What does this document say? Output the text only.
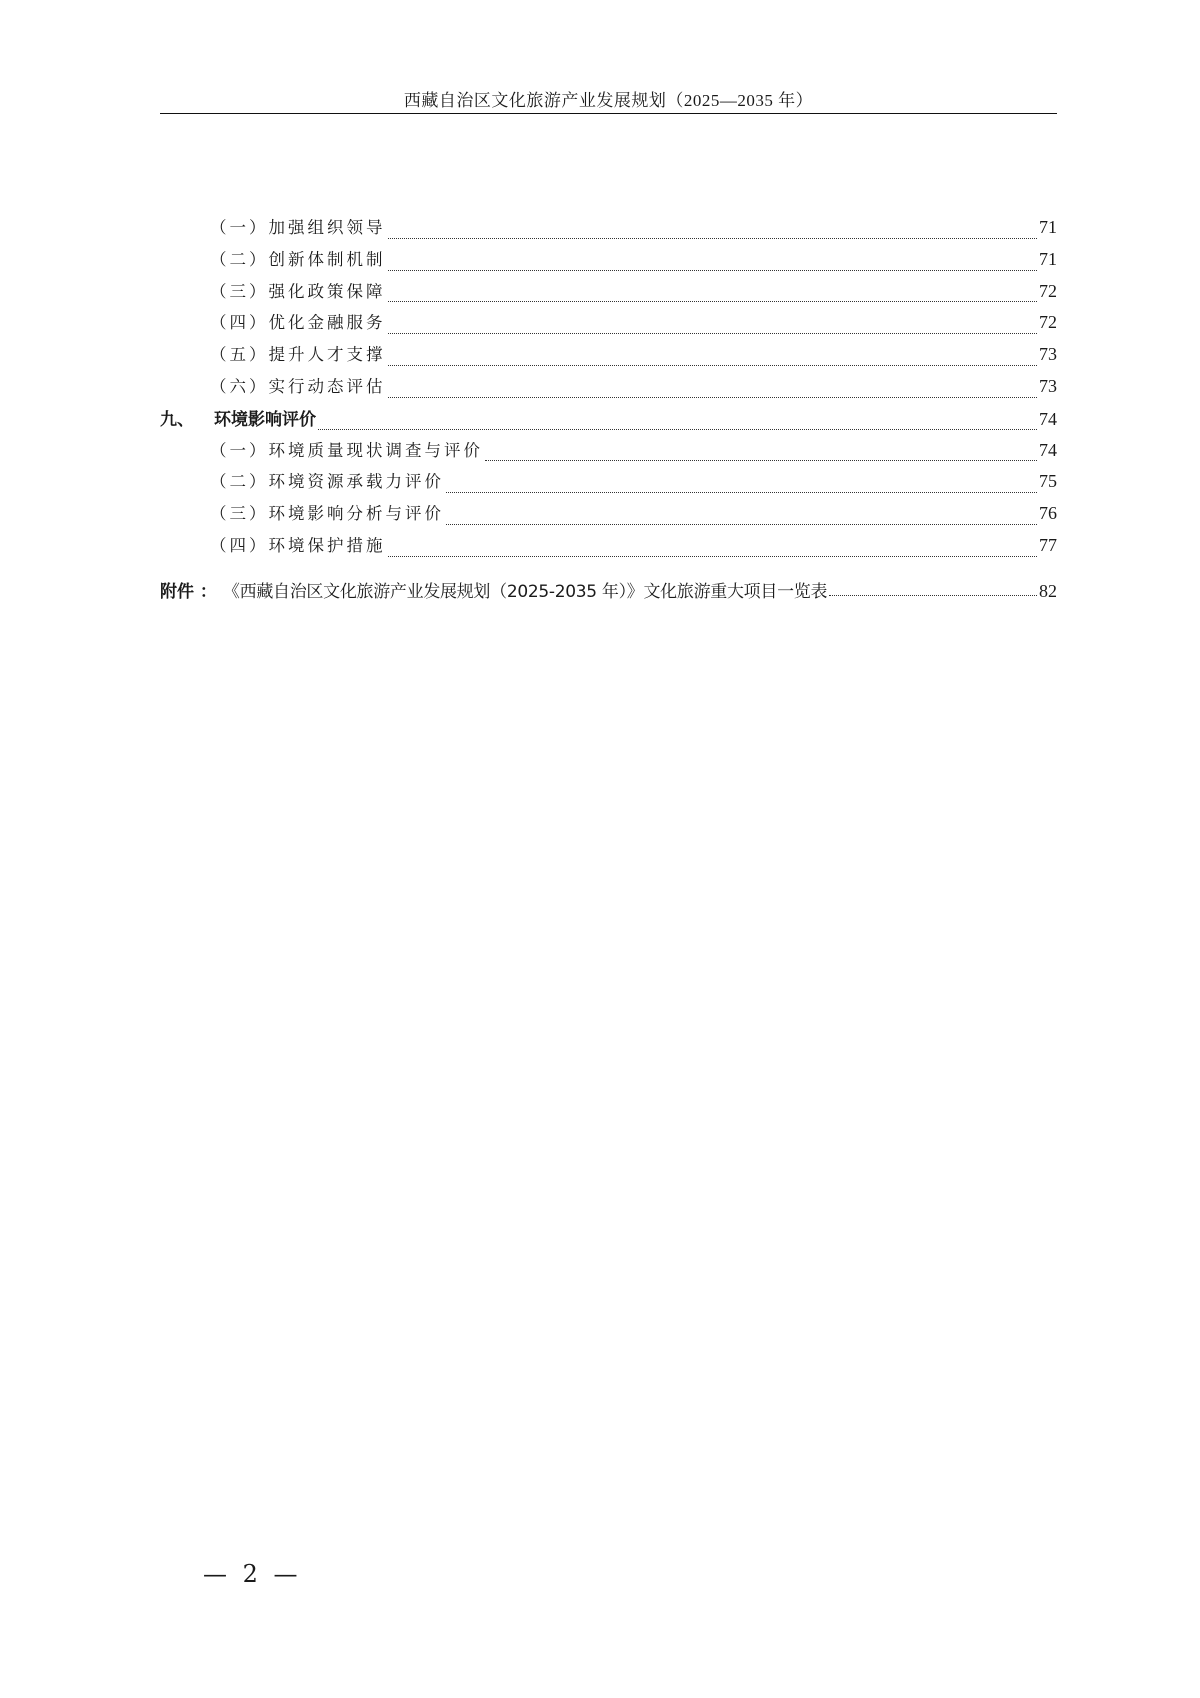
西藏自治区文化旅游产业发展规划（2025—2035 年）
（一）加强组织领导	71
（二）创新体制机制	71
（三）强化政策保障	72
（四）优化金融服务	72
（五）提升人才支撑	73
（六）实行动态评估	73
九、	环境影响评价	74
（一）环境质量现状调查与评价	74
（二）环境资源承载力评价	75
（三）环境影响分析与评价	76
（四）环境保护措施	77
附件 ： 《西藏自治区文化旅游产业发展规划（2025-2035 年）》文化旅游重大项目一览表	82
— 2 —
